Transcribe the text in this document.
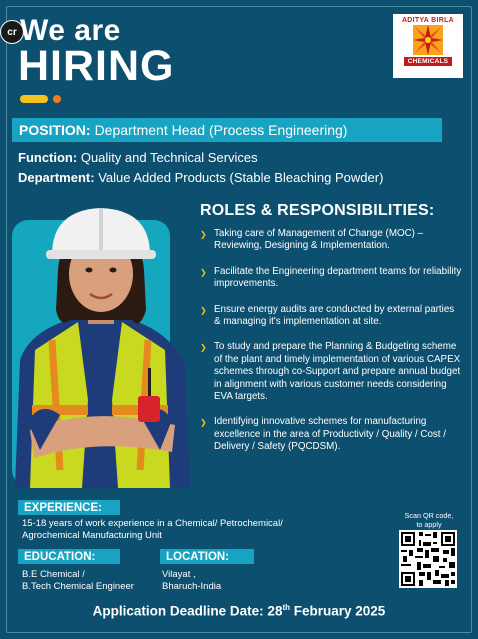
cr We are
HIRING
ADITYA BIRLA
CHEMICALS
POSITION: Department Head (Process Engineering)
Function: Quality and Technical Services
Department: Value Added Products (Stable Bleaching Powder)
ROLES & RESPONSIBILITIES:
❯ Taking care of Management of Change (MOC) – Reviewing, Designing & Implementation.
❯ Facilitate the Engineering department teams for reliability improvements.
❯ Ensure energy audits are conducted by external parties & managing it's implementation at site.
❯ To study and prepare the Planning & Budgeting scheme of the plant and timely implementation of various CAPEX schemes through co-Support and prepare annual budget in alignment with various customer needs considering EVA targets.
❯ Identifying innovative schemes for manufacturing excellence in the area of Productivity / Quality / Cost / Delivery / Safety (PQCDSM).
EXPERIENCE:
15-18 years of work experience in a Chemical/ Petrochemical/
Agrochemical Manufacturing Unit
EDUCATION:
B.E Chemical /
B.Tech Chemical Engineer
LOCATION:
Vilayat ,
Bharuch-India
Scan QR code,
to apply
Application Deadline Date: 28th February 2025
